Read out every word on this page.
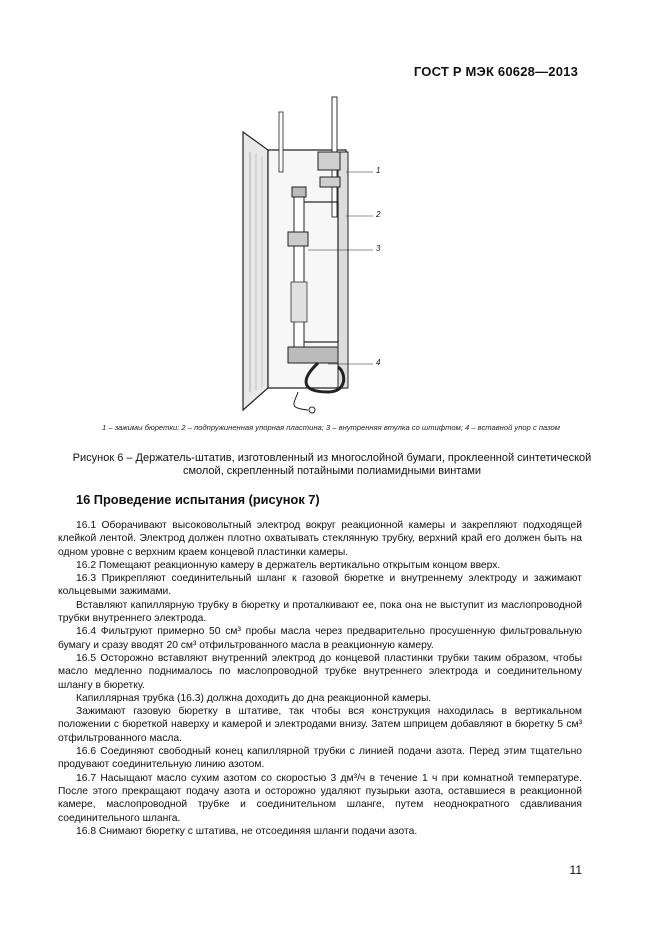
ГОСТ Р МЭК 60628—2013
1
2
3
4
1 – зажимы бюретки; 2 – подпружиненная упорная пластина; 3 – внутренняя втулка со штифтом; 4 – вставной упор с пазом
Рисунок 6 – Держатель-штатив, изготовленный из многослойной бумаги, проклеенной синтетической
смолой, скрепленный потайными полиамидными винтами
16 Проведение испытания (рисунок 7)

16.1 Оборачивают высоковольтный электрод вокруг реакционной камеры и закрепляют подходящей клейкой лентой. Электрод должен плотно охватывать стеклянную трубку, верхний край его должен быть на одном уровне с верхним краем концевой пластинки камеры.

16.2 Помещают реакционную камеру в держатель вертикально открытым концом вверх.

16.3 Прикрепляют соединительный шланг к газовой бюретке и внутреннему электроду и зажимают кольцевыми зажимами.

Вставляют капиллярную трубку в бюретку и проталкивают ее, пока она не выступит из маслопроводной трубки внутреннего электрода.

16.4 Фильтруют примерно 50 см³ пробы масла через предварительно просушенную фильтровальную бумагу и сразу вводят 20 см³ отфильтрованного масла в реакционную камеру.

16.5 Осторожно вставляют внутренний электрод до концевой пластинки трубки таким образом, чтобы масло медленно поднималось по маслопроводной трубке внутреннего электрода и соединительному шлангу в бюретку.

Капиллярная трубка (16.3) должна доходить до дна реакционной камеры.

Зажимают газовую бюретку в штативе, так чтобы вся конструкция находилась в вертикальном положении с бюреткой наверху и камерой и электродами внизу. Затем шприцем добавляют в бюретку 5 см³ отфильтрованного масла.

16.6 Соединяют свободный конец капиллярной трубки с линией подачи азота. Перед этим тщательно продувают соединительную линию азотом.

16.7 Насыщают масло сухим азотом со скоростью 3 дм³/ч в течение 1 ч при комнатной температуре. После этого прекращают подачу азота и осторожно удаляют пузырьки азота, оставшиеся в реакционной камере, маслопроводной трубке и соединительном шланге, путем неоднократного сдавливания соединительного шланга.

16.8 Снимают бюретку с штатива, не отсоединяя шланги подачи азота.

11
